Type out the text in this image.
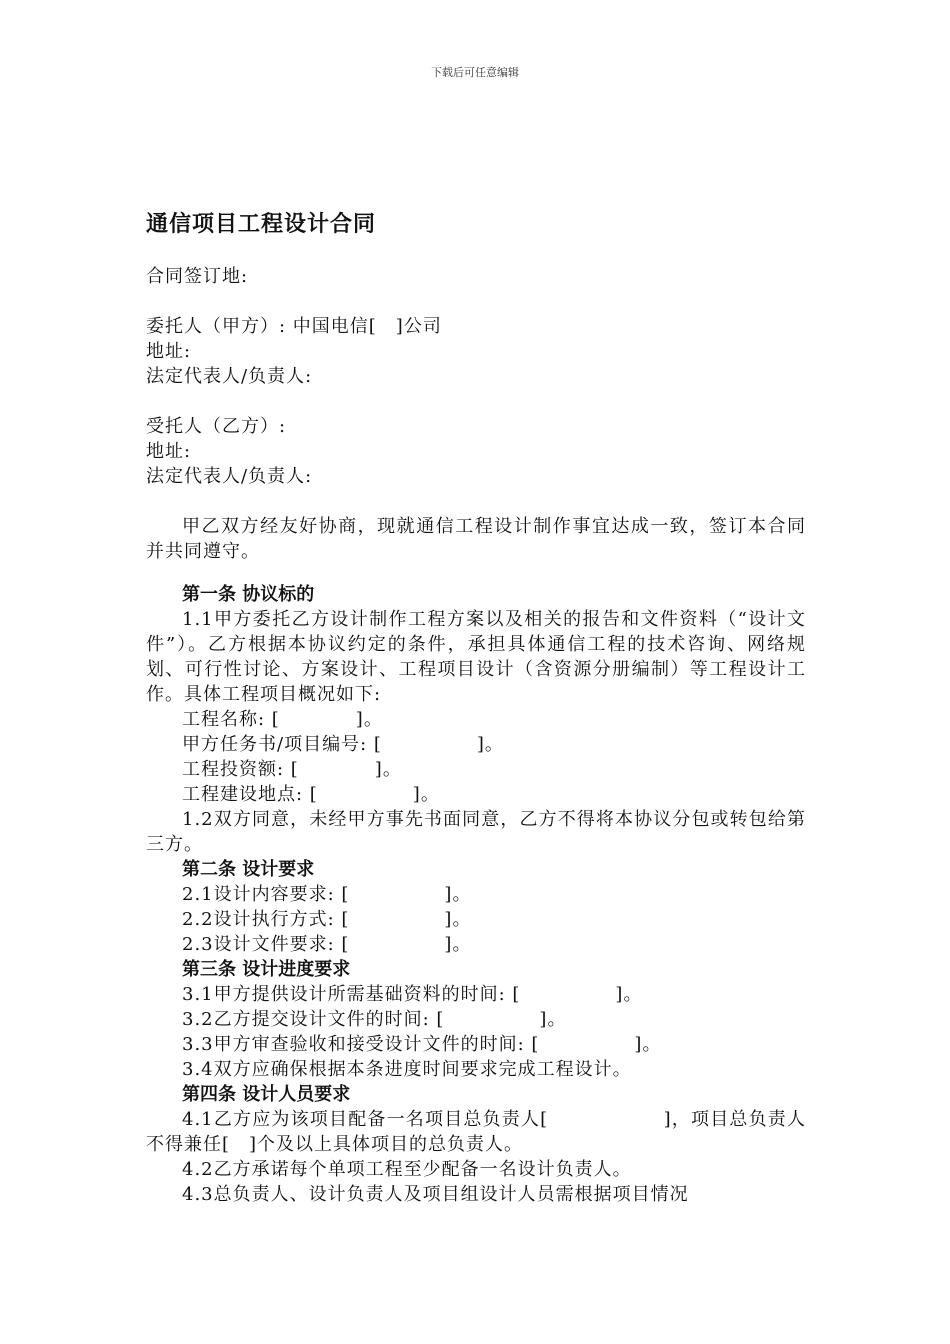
下载后可任意编辑
通信项目工程设计合同
合同签订地:
委托人（甲方）: 中国电信[　]公司
地址:
法定代表人/负责人:
受托人（乙方）:
地址:
法定代表人/负责人:
甲乙双方经友好协商，现就通信工程设计制作事宜达成一致，签订本合同并共同遵守。
第一条 协议标的
1.1甲方委托乙方设计制作工程方案以及相关的报告和文件资料（“设计文件”）。乙方根据本协议约定的条件，承担具体通信工程的技术咨询、网络规划、可行性讨论、方案设计、工程项目设计（含资源分册编制）等工程设计工作。具体工程项目概况如下:
工程名称: [　　　　]。
甲方任务书/项目编号: [　　　　　]。
工程投资额: [　　　　]。
工程建设地点: [　　　　　]。
1.2双方同意，未经甲方事先书面同意，乙方不得将本协议分包或转包给第三方。
第二条 设计要求
2.1设计内容要求: [　　　　　]。
2.2设计执行方式: [　　　　　]。
2.3设计文件要求: [　　　　　]。
第三条 设计进度要求
3.1甲方提供设计所需基础资料的时间: [　　　　　]。
3.2乙方提交设计文件的时间: [　　　　　]。
3.3甲方审查验收和接受设计文件的时间: [　　　　　]。
3.4双方应确保根据本条进度时间要求完成工程设计。
第四条 设计人员要求
4.1乙方应为该项目配备一名项目总负责人[　　　　　　]，项目总负责人不得兼任[　]个及以上具体项目的总负责人。
4.2乙方承诺每个单项工程至少配备一名设计负责人。
4.3总负责人、设计负责人及项目组设计人员需根据项目情况
